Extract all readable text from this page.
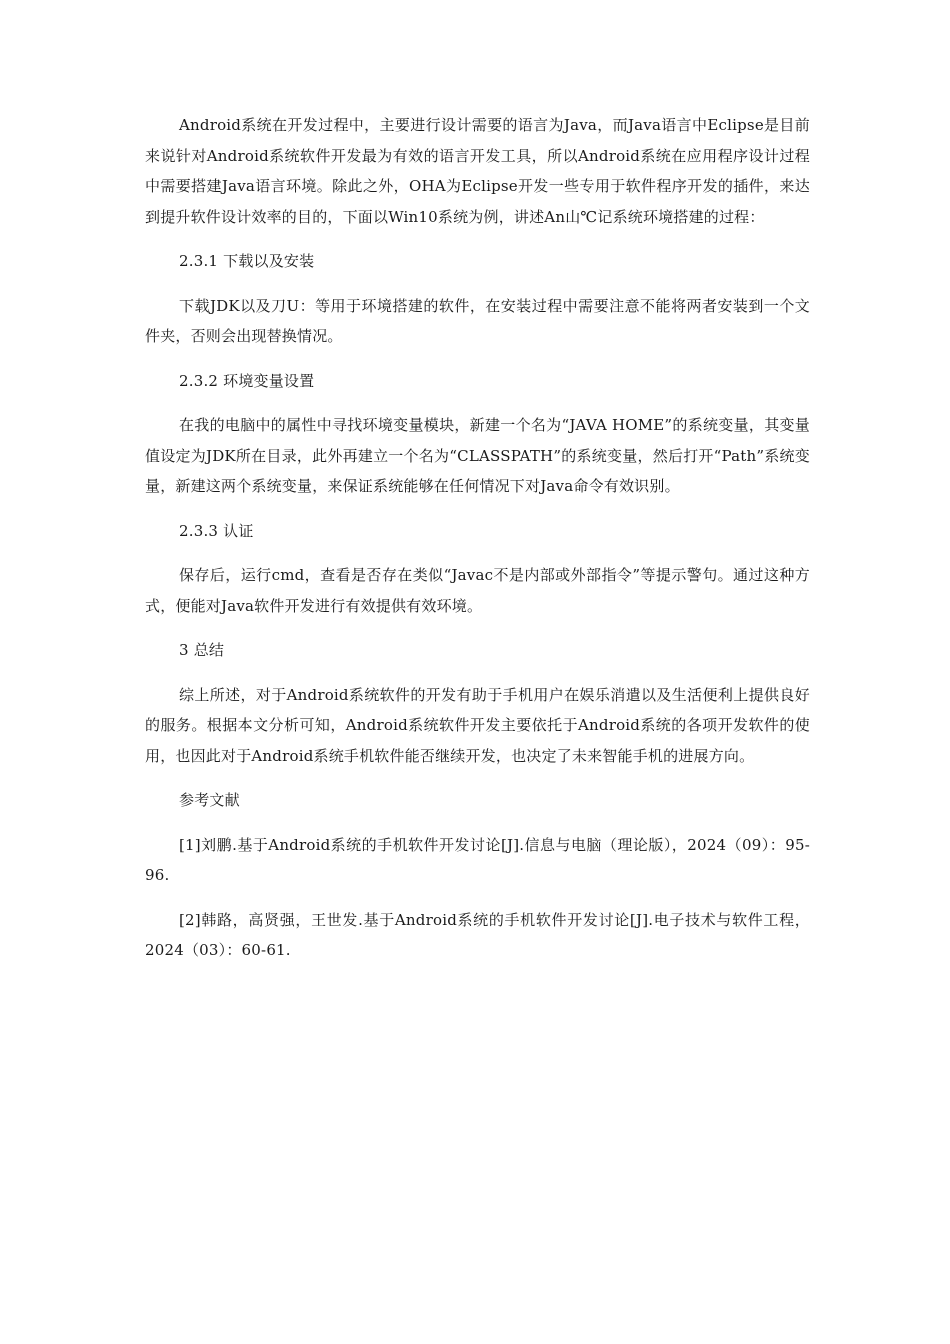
Android系统在开发过程中，主要进行设计需要的语言为Java，而Java语言中Eclipse是目前来说针对Android系统软件开发最为有效的语言开发工具，所以Android系统在应用程序设计过程中需要搭建Java语言环境。除此之外，OHA为Eclipse开发一些专用于软件程序开发的插件，来达到提升软件设计效率的目的，下面以Win10系统为例，讲述An山℃记系统环境搭建的过程：

2.3.1 下载以及安装

下载JDK以及刀U：等用于环境搭建的软件，在安装过程中需要注意不能将两者安装到一个文件夹，否则会出现替换情况。

2.3.2 环境变量设置

在我的电脑中的属性中寻找环境变量模块，新建一个名为“JAVA HOME”的系统变量，其变量值设定为JDK所在目录，此外再建立一个名为“CLASSPATH”的系统变量，然后打开“Path”系统变量，新建这两个系统变量，来保证系统能够在任何情况下对Java命令有效识别。

2.3.3 认证

保存后，运行cmd，查看是否存在类似“Javac不是内部或外部指令”等提示警句。通过这种方式，便能对Java软件开发进行有效提供有效环境。

3 总结

综上所述，对于Android系统软件的开发有助于手机用户在娱乐消遣以及生活便利上提供良好的服务。根据本文分析可知，Android系统软件开发主要依托于Android系统的各项开发软件的使用，也因此对于Android系统手机软件能否继续开发，也决定了未来智能手机的进展方向。

参考文献

[1]刘鹏.基于Android系统的手机软件开发讨论[J].信息与电脑（理论版），2024（09）：95-96.

[2]韩路，高贤强，王世发.基于Android系统的手机软件开发讨论[J].电子技术与软件工程，2024（03）：60-61.
